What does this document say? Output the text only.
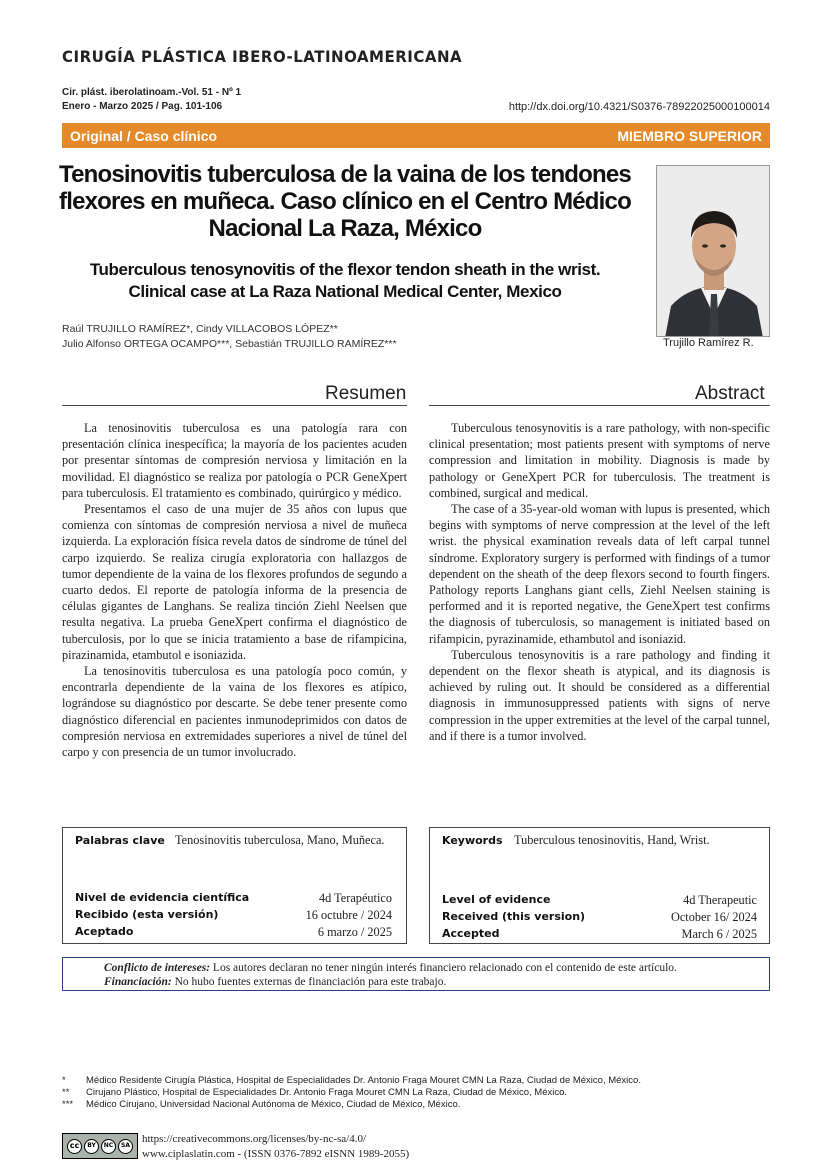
CIRUGÍA PLÁSTICA IBERO-LATINOAMERICANA
Cir. plást. iberolatinoam.-Vol. 51 - Nº 1
Enero - Marzo 2025 / Pag. 101-106	http://dx.doi.org/10.4321/S0376-78922025000100014
Original / Caso clínico	MIEMBRO SUPERIOR
Tenosinovitis tuberculosa de la vaina de los tendones flexores en muñeca. Caso clínico en el Centro Médico Nacional La Raza, México
Tuberculous tenosynovitis of the flexor tendon sheath in the wrist.
Clinical case at La Raza National Medical Center, Mexico
Trujillo Ramírez R.
Raúl TRUJILLO RAMÍREZ*, Cindy VILLACOBOS LÓPEZ**
Julio Alfonso ORTEGA OCAMPO***, Sebastián TRUJILLO RAMÍREZ***
Resumen	Abstract

La tenosinovitis tuberculosa es una patología rara con presentación clínica inespecífica; la mayoría de los pacientes acuden por presentar síntomas de compresión nerviosa y limitación en la movilidad. El diagnóstico se realiza por patología o PCR GeneXpert para tuberculosis. El tratamiento es combinado, quirúrgico y médico.

Presentamos el caso de una mujer de 35 años con lupus que comienza con síntomas de compresión nerviosa a nivel de muñeca izquierda. La exploración física revela datos de síndrome de túnel del carpo izquierdo. Se realiza cirugía exploratoria con hallazgos de tumor dependiente de la vaina de los flexores profundos de segundo a cuarto dedos. El reporte de patología informa de la presencia de células gigantes de Langhans. Se realiza tinción Ziehl Neelsen que resulta negativa. La prueba GeneXpert confirma el diagnóstico de tuberculosis, por lo que se inicia tratamiento a base de rifampicina, pirazinamida, etambutol e isoniazida.

La tenosinovitis tuberculosa es una patología poco común, y encontrarla dependiente de la vaina de los flexores es atípico, lográndose su diagnóstico por descarte. Se debe tener presente como diagnóstico diferencial en pacientes inmunodeprimidos con datos de compresión nerviosa en extremidades superiores a nivel de túnel del carpo y con presencia de un tumor involucrado.

Tuberculous tenosynovitis is a rare pathology, with non-specific clinical presentation; most patients present with symptoms of nerve compression and limitation in mobility. Diagnosis is made by pathology or GeneXpert PCR for tuberculosis. The treatment is combined, surgical and medical.

The case of a 35-year-old woman with lupus is presented, which begins with symptoms of nerve compression at the level of the left wrist. the physical examination reveals data of left carpal tunnel síndrome. Exploratory surgery is performed with findings of a tumor dependent on the sheath of the deep flexors second to fourth fingers. Pathology reports Langhans giant cells, Ziehl Neelsen staining is performed and it is reported negative, the GeneXpert test confirms the diagnosis of tuberculosis, so management is initiated based on rifampicin, pyrazinamide, ethambutol and isoniazid.

Tuberculous tenosynovitis is a rare pathology and finding it dependent on the flexor sheath is atypical, and its diagnosis is achieved by ruling out. It should be considered as a differential diagnosis in immunosuppressed patients with signs of nerve compression in the upper extremities at the level of the carpal tunnel, and if there is a tumor involved.

Palabras clave Tenosinovitis tuberculosa, Mano, Muñeca.
Nivel de evidencia científica	4d Terapéutico
Recibido (esta versión)	16 octubre / 2024
Aceptado	6 marzo / 2025
Keywords Tuberculous tenosinovitis, Hand, Wrist.
Level of evidence	4d Therapeutic
Received (this version)	October 16/ 2024
Accepted	March 6 / 2025
Conflicto de intereses: Los autores declaran no tener ningún interés financiero relacionado con el contenido de este artículo.
Financiación: No hubo fuentes externas de financiación para este trabajo.
*	Médico Residente Cirugía Plástica, Hospital de Especialidades Dr. Antonio Fraga Mouret CMN La Raza, Ciudad de México, México.
**	Cirujano Plástico, Hospital de Especialidades Dr. Antonio Fraga Mouret CMN La Raza, Ciudad de México, México.
***	Médico Cirujano, Universidad Nacional Autónoma de México, Ciudad de México, México.
cc	BY	NC	SA https://creativecommons.org/licenses/by-nc-sa/4.0/
www.ciplaslatin.com - (ISSN 0376-7892 eISNN 1989-2055)
